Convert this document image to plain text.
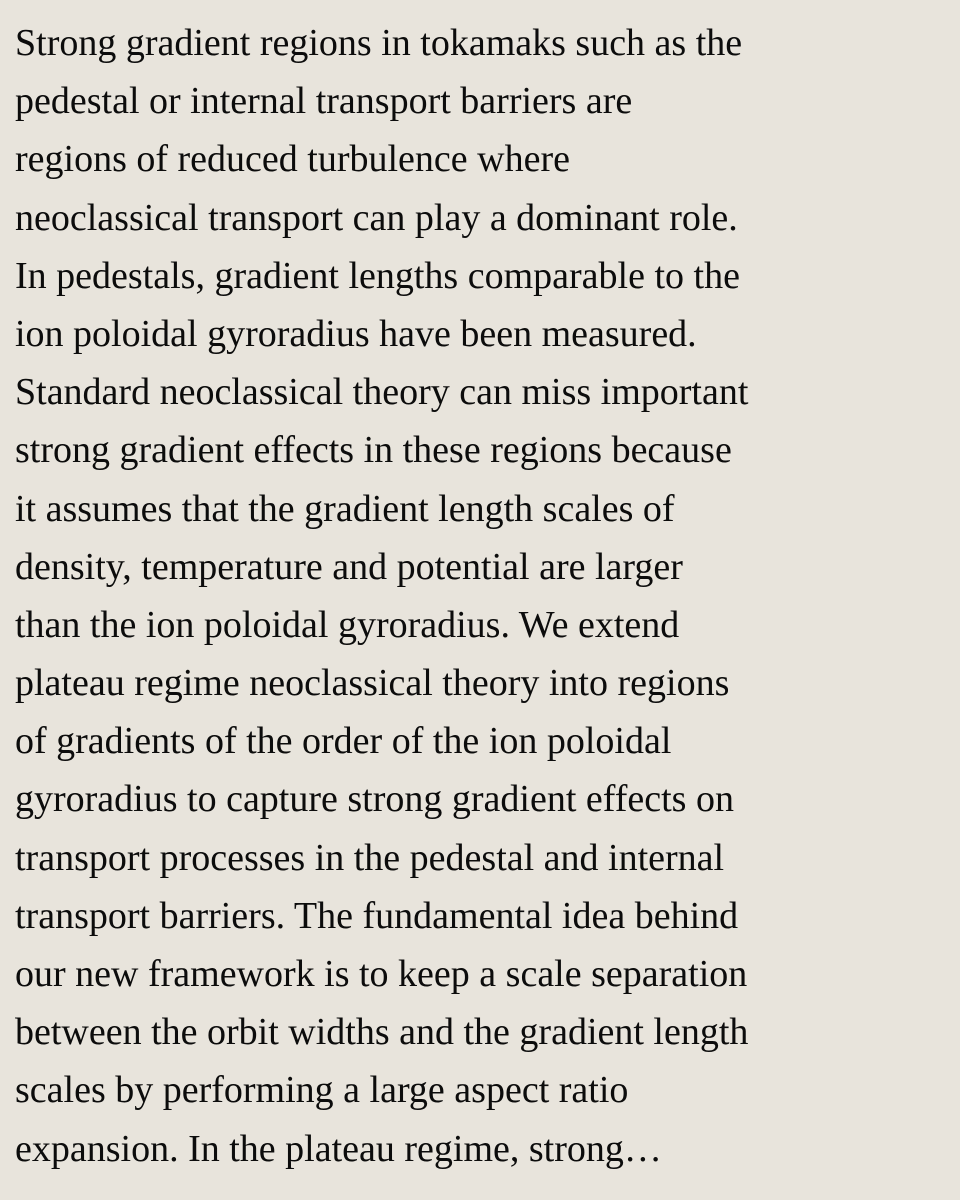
Strong gradient regions in tokamaks such as the
pedestal or internal transport barriers are
regions of reduced turbulence where
neoclassical transport can play a dominant role.
In pedestals, gradient lengths comparable to the
ion poloidal gyroradius have been measured.
Standard neoclassical theory can miss important
strong gradient effects in these regions because
it assumes that the gradient length scales of
density, temperature and potential are larger
than the ion poloidal gyroradius. We extend
plateau regime neoclassical theory into regions
of gradients of the order of the ion poloidal
gyroradius to capture strong gradient effects on
transport processes in the pedestal and internal
transport barriers. The fundamental idea behind
our new framework is to keep a scale separation
between the orbit widths and the gradient length
scales by performing a large aspect ratio
expansion. In the plateau regime, strong…
